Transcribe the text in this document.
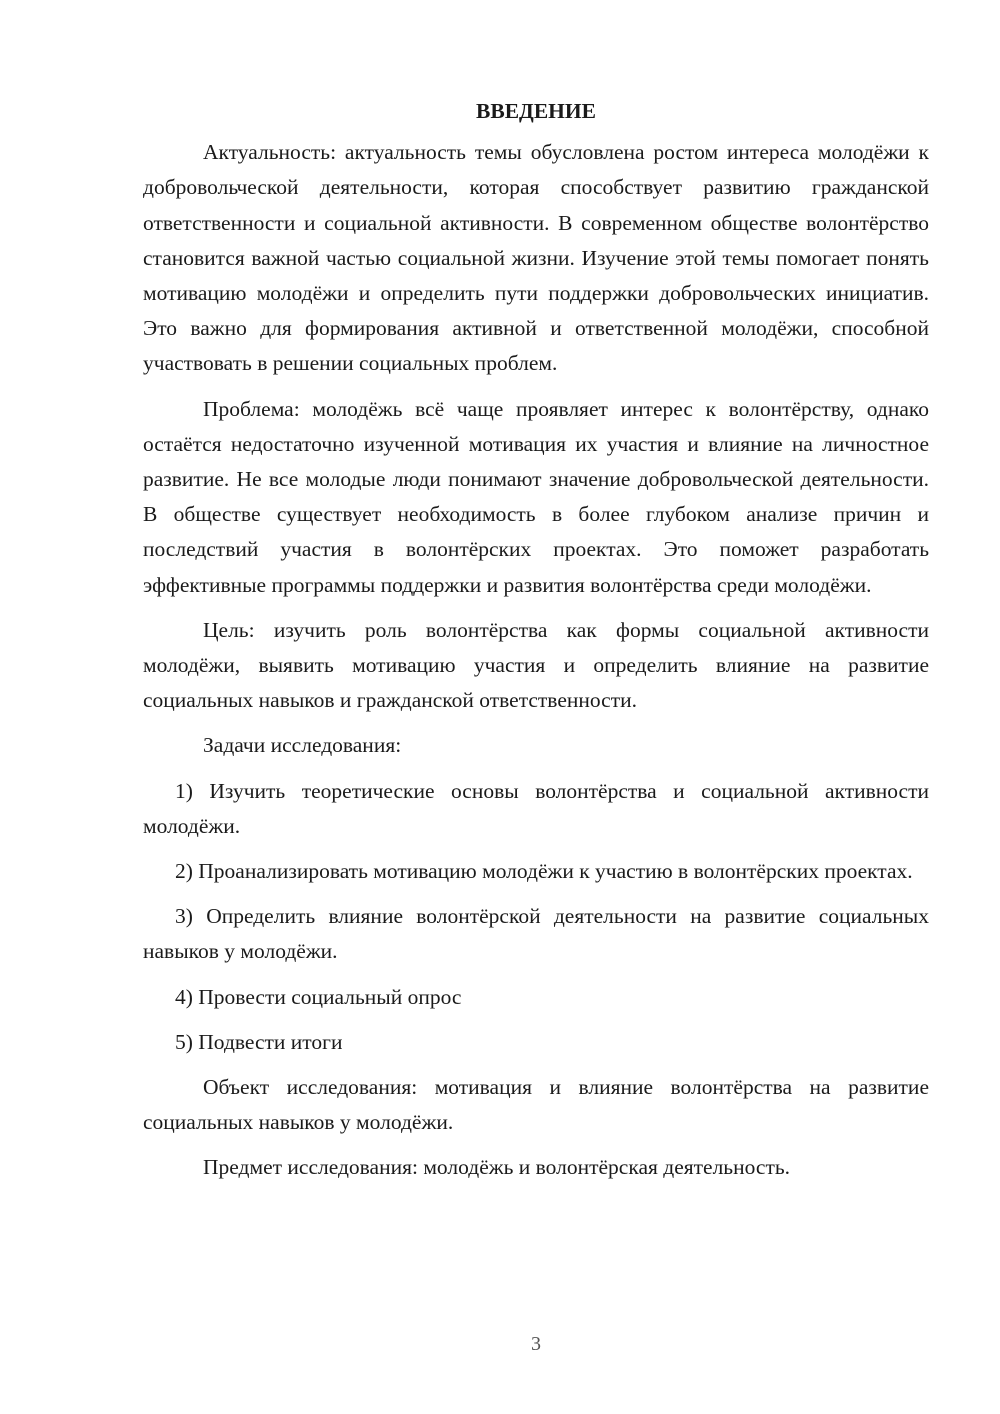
ВВЕДЕНИЕ

Актуальность: актуальность темы обусловлена ростом интереса молодёжи к добровольческой деятельности, которая способствует развитию гражданской ответственности и социальной активности. В современном обществе волонтёрство становится важной частью социальной жизни. Изучение этой темы помогает понять мотивацию молодёжи и определить пути поддержки добровольческих инициатив. Это важно для формирования активной и ответственной молодёжи, способной участвовать в решении социальных проблем.

Проблема: молодёжь всё чаще проявляет интерес к волонтёрству, однако остаётся недостаточно изученной мотивация их участия и влияние на личностное развитие. Не все молодые люди понимают значение добровольческой деятельности. В обществе существует необходимость в более глубоком анализе причин и последствий участия в волонтёрских проектах. Это поможет разработать эффективные программы поддержки и развития волонтёрства среди молодёжи.

Цель: изучить роль волонтёрства как формы социальной активности молодёжи, выявить мотивацию участия и определить влияние на развитие социальных навыков и гражданской ответственности.

Задачи исследования:

1) Изучить теоретические основы волонтёрства и социальной активности молодёжи.

2) Проанализировать мотивацию молодёжи к участию в волонтёрских проектах.

3) Определить влияние волонтёрской деятельности на развитие социальных навыков у молодёжи.

4) Провести социальный опрос

5) Подвести итоги

Объект исследования: мотивация и влияние волонтёрства на развитие социальных навыков у молодёжи.

Предмет исследования: молодёжь и волонтёрская деятельность.

3
